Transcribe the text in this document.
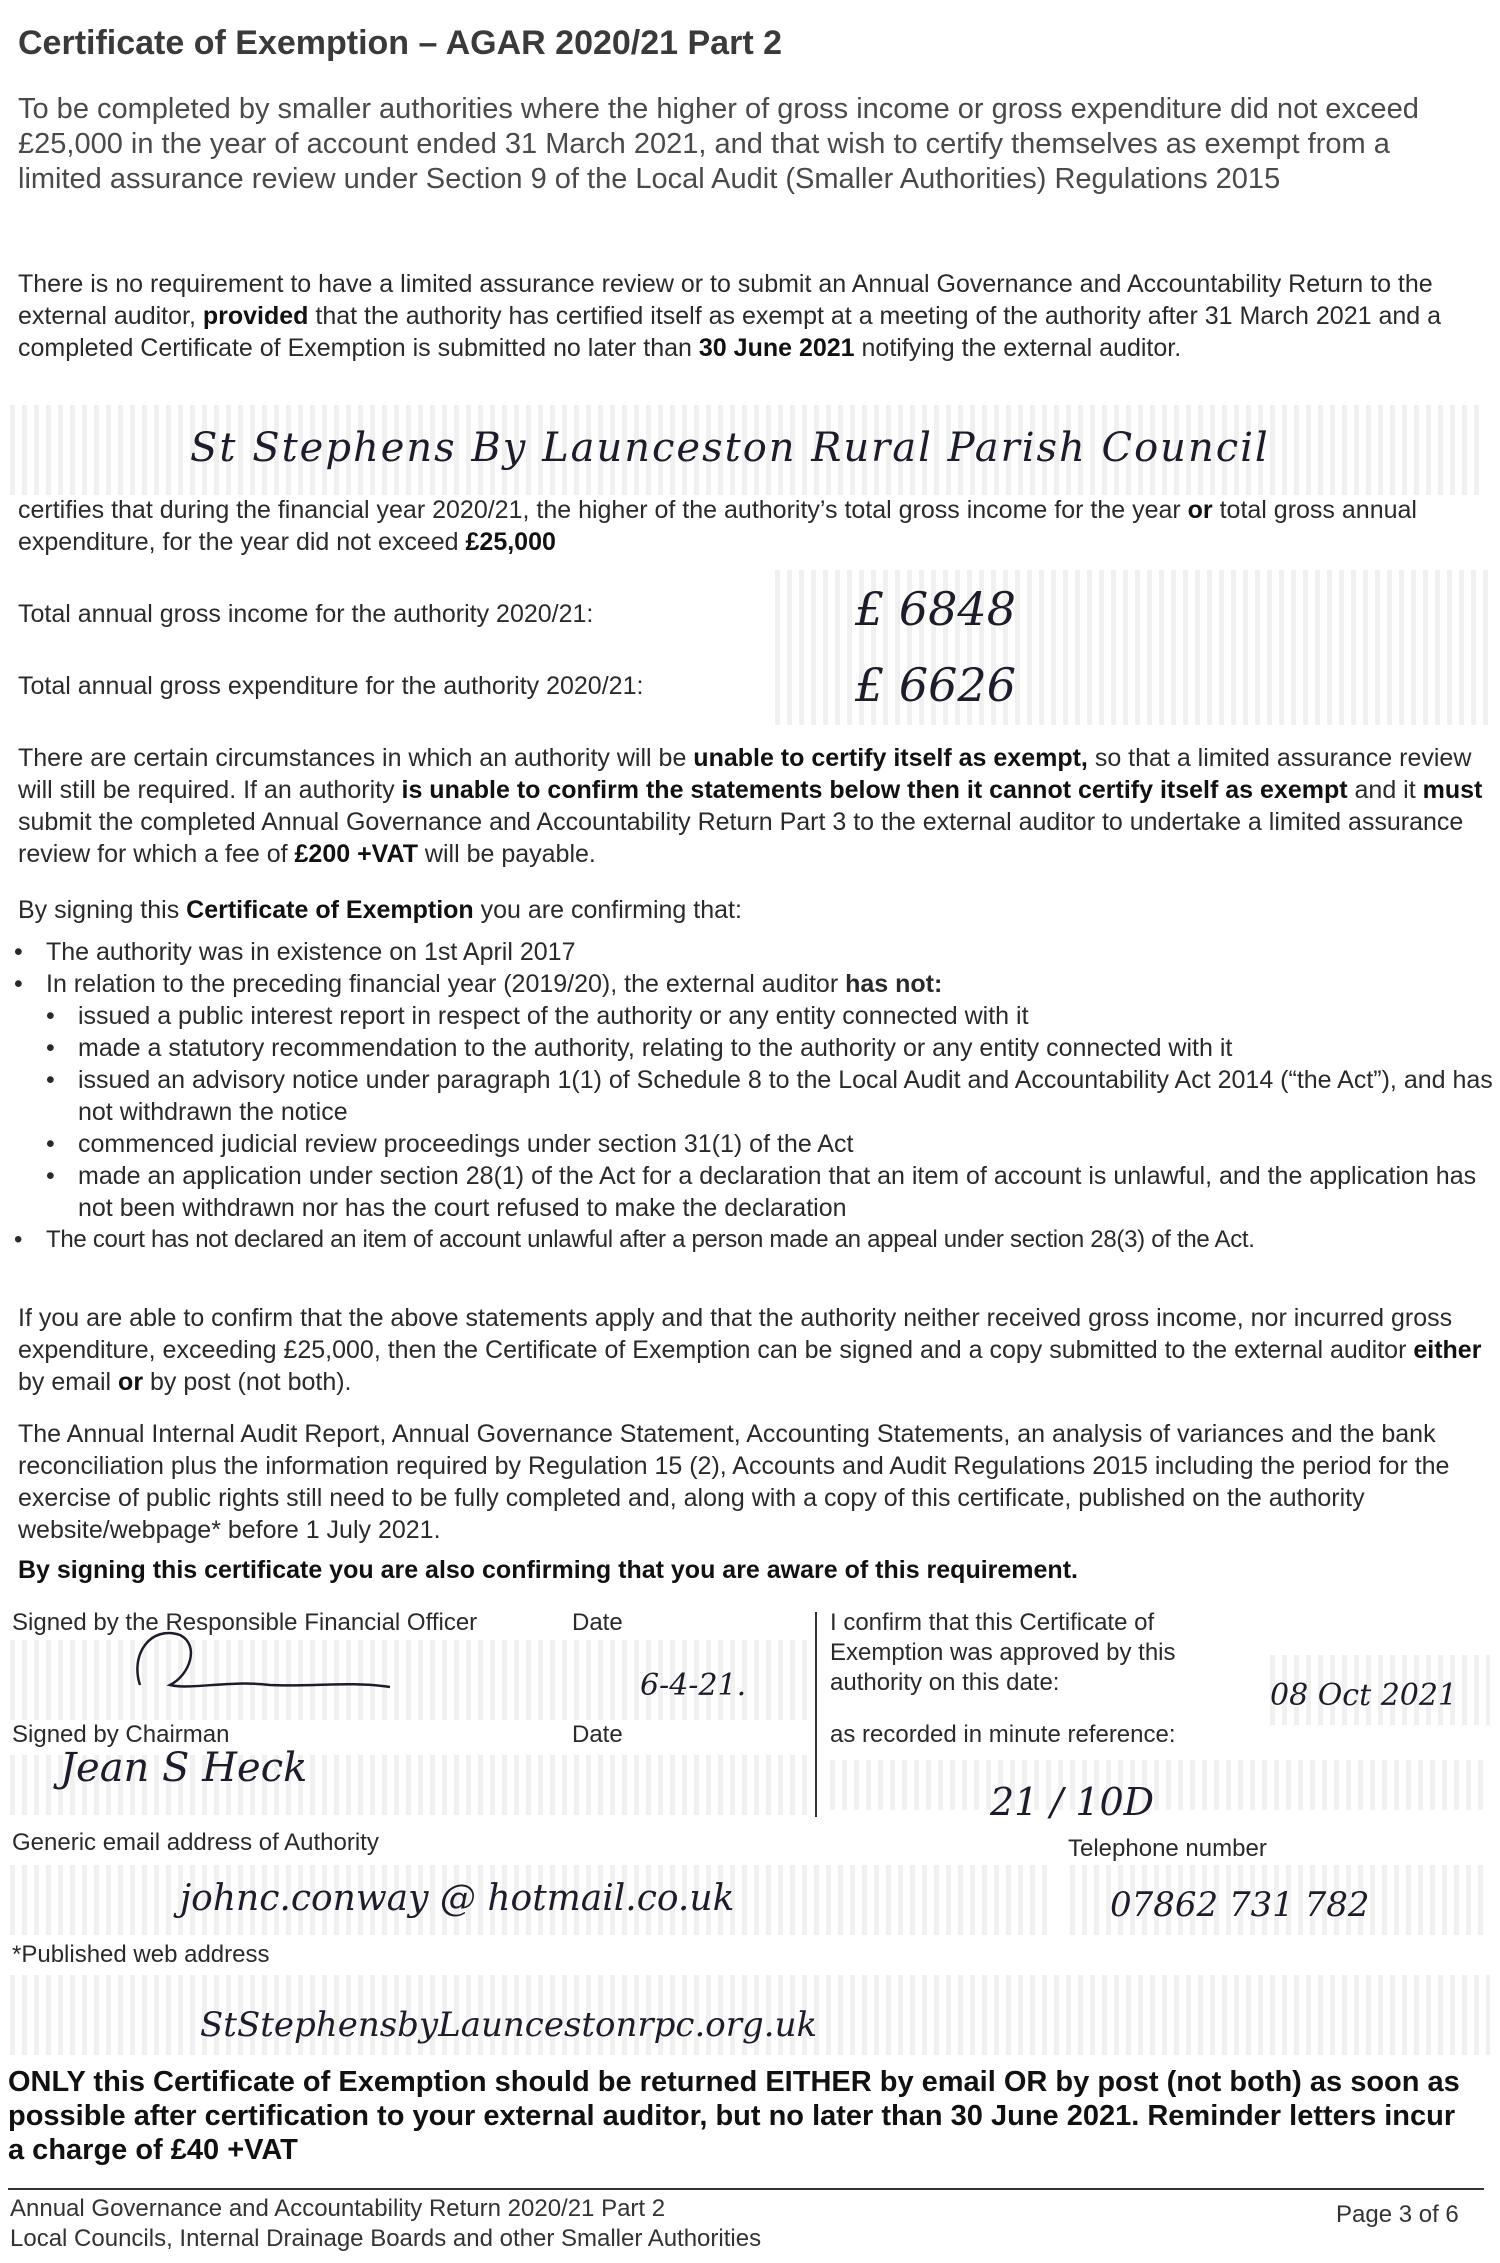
Certificate of Exemption – AGAR 2020/21 Part 2
To be completed by smaller authorities where the higher of gross income or gross expenditure did not exceed £25,000 in the year of account ended 31 March 2021, and that wish to certify themselves as exempt from a limited assurance review under Section 9 of the Local Audit (Smaller Authorities) Regulations 2015
There is no requirement to have a limited assurance review or to submit an Annual Governance and Accountability Return to the external auditor, provided that the authority has certified itself as exempt at a meeting of the authority after 31 March 2021 and a completed Certificate of Exemption is submitted no later than 30 June 2021 notifying the external auditor.
St Stephens By Launceston Rural Parish Council
certifies that during the financial year 2020/21, the higher of the authority’s total gross income for the year or total gross annual expenditure, for the year did not exceed £25,000
Total annual gross income for the authority 2020/21:	£ 6848
Total annual gross expenditure for the authority 2020/21:	£ 6626
There are certain circumstances in which an authority will be unable to certify itself as exempt, so that a limited assurance review will still be required. If an authority is unable to confirm the statements below then it cannot certify itself as exempt and it must submit the completed Annual Governance and Accountability Return Part 3 to the external auditor to undertake a limited assurance review for which a fee of £200 +VAT will be payable.
By signing this Certificate of Exemption you are confirming that:
• The authority was in existence on 1st April 2017
• In relation to the preceding financial year (2019/20), the external auditor has not:
• issued a public interest report in respect of the authority or any entity connected with it
• made a statutory recommendation to the authority, relating to the authority or any entity connected with it
• issued an advisory notice under paragraph 1(1) of Schedule 8 to the Local Audit and Accountability Act 2014 (“the Act”), and has not withdrawn the notice
• commenced judicial review proceedings under section 31(1) of the Act
• made an application under section 28(1) of the Act for a declaration that an item of account is unlawful, and the application has not been withdrawn nor has the court refused to make the declaration
• The court has not declared an item of account unlawful after a person made an appeal under section 28(3) of the Act.
If you are able to confirm that the above statements apply and that the authority neither received gross income, nor incurred gross expenditure, exceeding £25,000, then the Certificate of Exemption can be signed and a copy submitted to the external auditor either by email or by post (not both).
The Annual Internal Audit Report, Annual Governance Statement, Accounting Statements, an analysis of variances and the bank reconciliation plus the information required by Regulation 15 (2), Accounts and Audit Regulations 2015 including the period for the exercise of public rights still need to be fully completed and, along with a copy of this certificate, published on the authority website/webpage* before 1 July 2021.
By signing this certificate you are also confirming that you are aware of this requirement.
Signed by the Responsible Financial Officer	Date
6-4-21.
I confirm that this Certificate of Exemption was approved by this authority on this date:	08 Oct 2021
Signed by Chairman	Date
Jean S Heck
as recorded in minute reference:
21 / 10D
Generic email address of Authority	Telephone number
johnc.conway @ hotmail.co.uk	07862 731 782
*Published web address
StStephensbyLauncestonrpc.org.uk
ONLY this Certificate of Exemption should be returned EITHER by email OR by post (not both) as soon as possible after certification to your external auditor, but no later than 30 June 2021. Reminder letters incur a charge of £40 +VAT
Annual Governance and Accountability Return 2020/21 Part 2
Local Councils, Internal Drainage Boards and other Smaller Authorities
Page 3 of 6
